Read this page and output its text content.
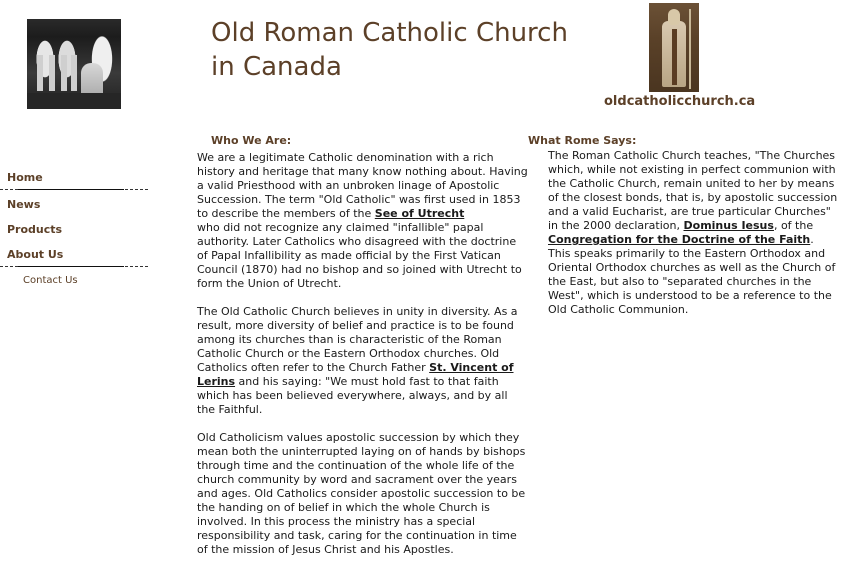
Old Roman Catholic Church
in Canada
oldcatholicchurch.ca
Home
News
Products
About Us
Contact Us
Who We Are:

We are a legitimate Catholic denomination with a rich history and heritage that many know nothing about. Having a valid Priesthood with an unbroken linage of Apostolic Succession. The term "Old Catholic" was first used in 1853 to describe the members of the See of Utrecht
who did not recognize any claimed "infallible" papal authority. Later Catholics who disagreed with the doctrine of Papal Infallibility as made official by the First Vatican Council (1870) had no bishop and so joined with Utrecht to form the Union of Utrecht.

The Old Catholic Church believes in unity in diversity. As a result, more diversity of belief and practice is to be found among its churches than is characteristic of the Roman Catholic Church or the Eastern Orthodox churches. Old Catholics often refer to the Church Father St. Vincent of Lerins and his saying: "We must hold fast to that faith which has been believed everywhere, always, and by all the Faithful.

Old Catholicism values apostolic succession by which they mean both the uninterrupted laying on of hands by bishops through time and the continuation of the whole life of the church community by word and sacrament over the years and ages. Old Catholics consider apostolic succession to be the handing on of belief in which the whole Church is involved. In this process the ministry has a special responsibility and task, caring for the continuation in time of the mission of Jesus Christ and his Apostles.

What Rome Says:

The Roman Catholic Church teaches, "The Churches which, while not existing in perfect communion with the Catholic Church, remain united to her by means of the closest bonds, that is, by apostolic succession and a valid Eucharist, are true particular Churches" in the 2000 declaration, Dominus Iesus, of the Congregation for the Doctrine of the Faith. This speaks primarily to the Eastern Orthodox and Oriental Orthodox churches as well as the Church of the East, but also to "separated churches in the West", which is understood to be a reference to the Old Catholic Communion.
